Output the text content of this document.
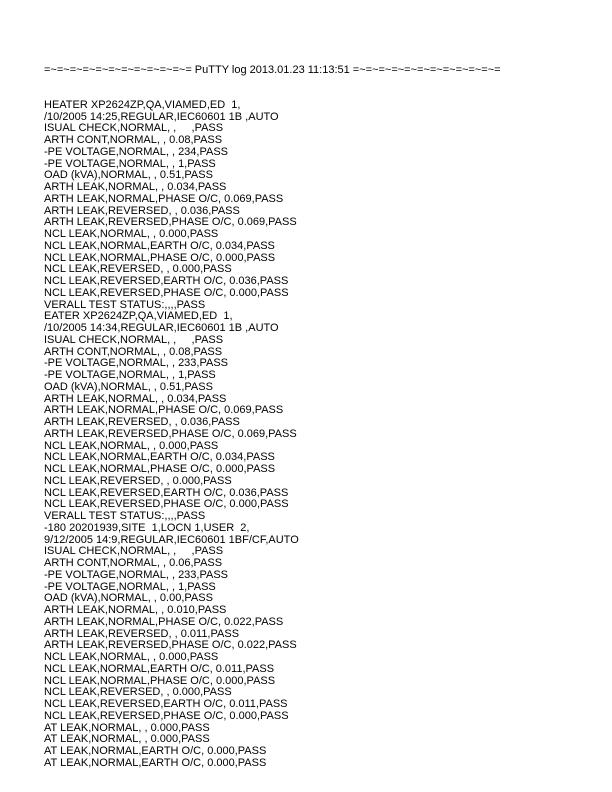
=~=~=~=~=~=~=~=~=~=~=~= PuTTY log 2013.01.23 11:13:51 =~=~=~=~=~=~=~=~=~=~=~=

HEATER XP2624ZP,QA,VIAMED,ED  1,
/10/2005 14:25,REGULAR,IEC60601 1B ,AUTO
ISUAL CHECK,NORMAL, ,     ,PASS
ARTH CONT,NORMAL, , 0.08,PASS
-PE VOLTAGE,NORMAL, , 234,PASS
-PE VOLTAGE,NORMAL, , 1,PASS
OAD (kVA),NORMAL, , 0.51,PASS
ARTH LEAK,NORMAL, , 0.034,PASS
ARTH LEAK,NORMAL,PHASE O/C, 0.069,PASS
ARTH LEAK,REVERSED, , 0.036,PASS
ARTH LEAK,REVERSED,PHASE O/C, 0.069,PASS
NCL LEAK,NORMAL, , 0.000,PASS
NCL LEAK,NORMAL,EARTH O/C, 0.034,PASS
NCL LEAK,NORMAL,PHASE O/C, 0.000,PASS
NCL LEAK,REVERSED, , 0.000,PASS
NCL LEAK,REVERSED,EARTH O/C, 0.036,PASS
NCL LEAK,REVERSED,PHASE O/C, 0.000,PASS
VERALL TEST STATUS:,,,,PASS
EATER XP2624ZP,QA,VIAMED,ED  1,
/10/2005 14:34,REGULAR,IEC60601 1B ,AUTO
ISUAL CHECK,NORMAL, ,     ,PASS
ARTH CONT,NORMAL, , 0.08,PASS
-PE VOLTAGE,NORMAL, , 233,PASS
-PE VOLTAGE,NORMAL, , 1,PASS
OAD (kVA),NORMAL, , 0.51,PASS
ARTH LEAK,NORMAL, , 0.034,PASS
ARTH LEAK,NORMAL,PHASE O/C, 0.069,PASS
ARTH LEAK,REVERSED, , 0.036,PASS
ARTH LEAK,REVERSED,PHASE O/C, 0.069,PASS
NCL LEAK,NORMAL, , 0.000,PASS
NCL LEAK,NORMAL,EARTH O/C, 0.034,PASS
NCL LEAK,NORMAL,PHASE O/C, 0.000,PASS
NCL LEAK,REVERSED, , 0.000,PASS
NCL LEAK,REVERSED,EARTH O/C, 0.036,PASS
NCL LEAK,REVERSED,PHASE O/C, 0.000,PASS
VERALL TEST STATUS:,,,,PASS
-180 20201939,SITE  1,LOCN 1,USER  2,
9/12/2005 14:9,REGULAR,IEC60601 1BF/CF,AUTO
ISUAL CHECK,NORMAL, ,     ,PASS
ARTH CONT,NORMAL, , 0.06,PASS
-PE VOLTAGE,NORMAL, , 233,PASS
-PE VOLTAGE,NORMAL, , 1,PASS
OAD (kVA),NORMAL, , 0.00,PASS
ARTH LEAK,NORMAL, , 0.010,PASS
ARTH LEAK,NORMAL,PHASE O/C, 0.022,PASS
ARTH LEAK,REVERSED, , 0.011,PASS
ARTH LEAK,REVERSED,PHASE O/C, 0.022,PASS
NCL LEAK,NORMAL, , 0.000,PASS
NCL LEAK,NORMAL,EARTH O/C, 0.011,PASS
NCL LEAK,NORMAL,PHASE O/C, 0.000,PASS
NCL LEAK,REVERSED, , 0.000,PASS
NCL LEAK,REVERSED,EARTH O/C, 0.011,PASS
NCL LEAK,REVERSED,PHASE O/C, 0.000,PASS
AT LEAK,NORMAL, , 0.000,PASS
AT LEAK,NORMAL, , 0.000,PASS
AT LEAK,NORMAL,EARTH O/C, 0.000,PASS
AT LEAK,NORMAL,EARTH O/C, 0.000,PASS
